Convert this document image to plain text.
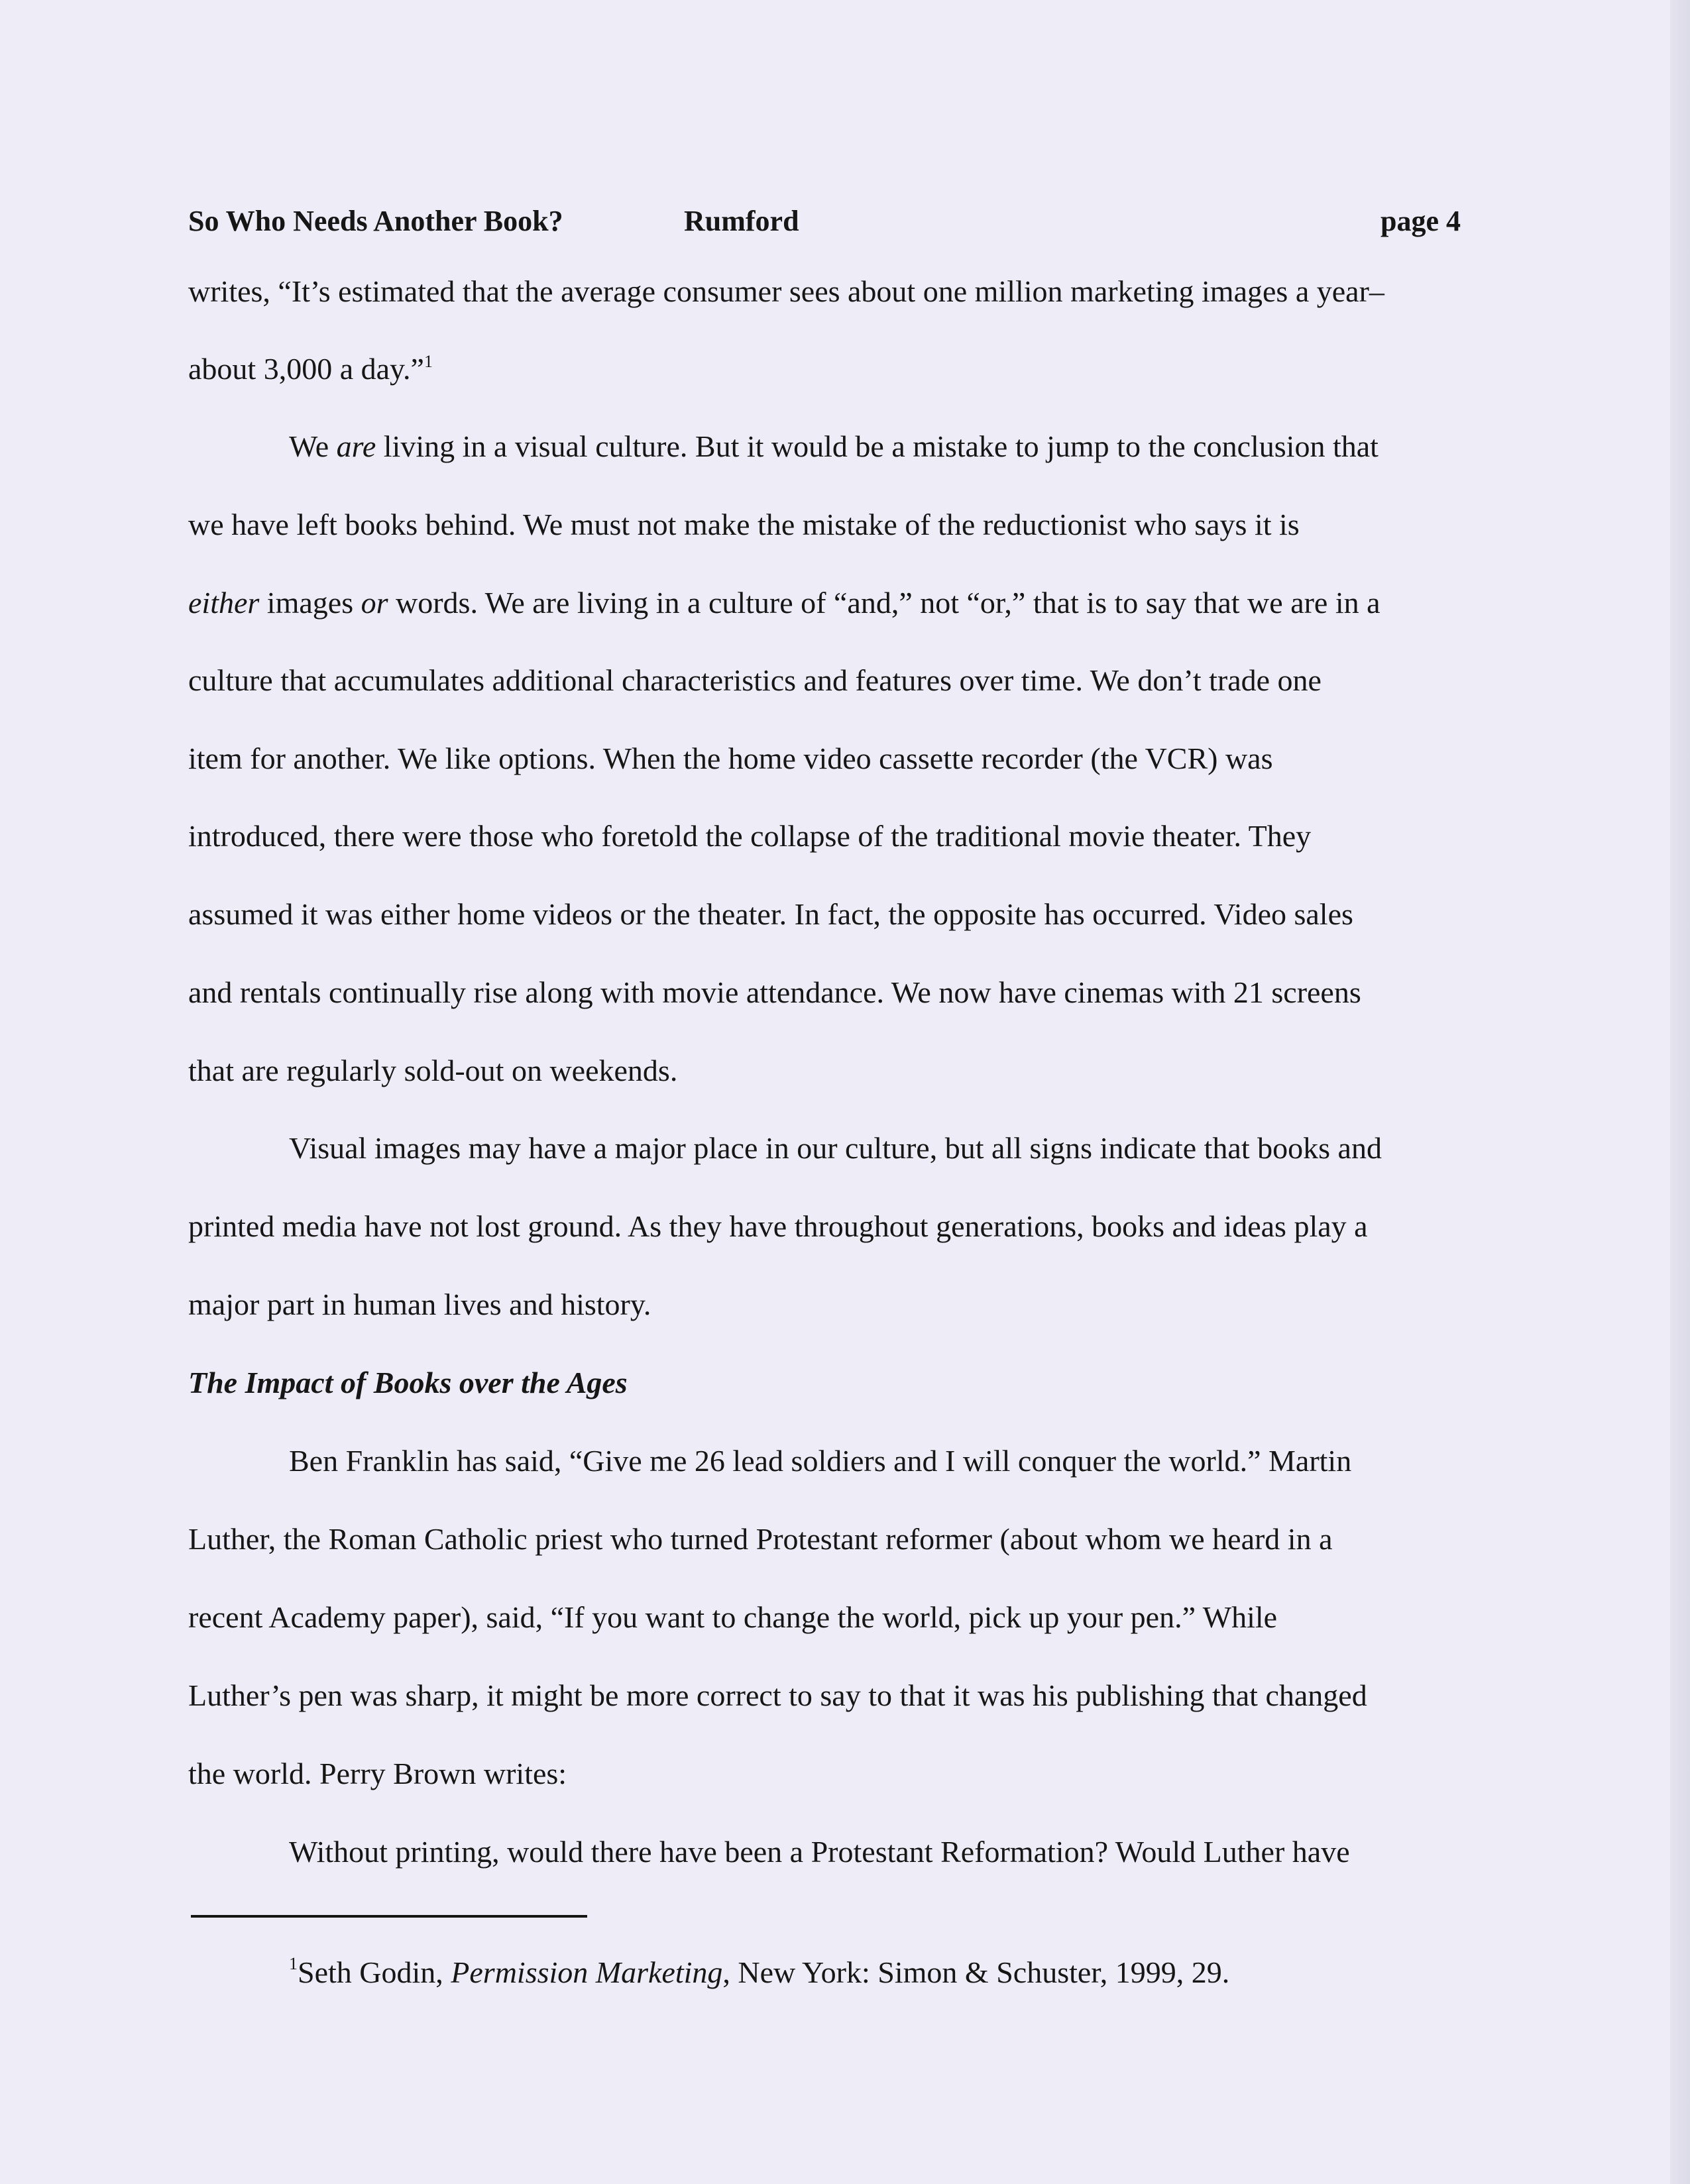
So Who Needs Another Book?	Rumford	page 4
writes, “It’s estimated that the average consumer sees about one million marketing images a year–
about 3,000 a day.”$^1$
We are living in a visual culture. But it would be a mistake to jump to the conclusion that
we have left books behind. We must not make the mistake of the reductionist who says it is
either images or words. We are living in a culture of “and,” not “or,” that is to say that we are in a
culture that accumulates additional characteristics and features over time. We don’t trade one
item for another. We like options. When the home video cassette recorder (the VCR) was
introduced, there were those who foretold the collapse of the traditional movie theater. They
assumed it was either home videos or the theater. In fact, the opposite has occurred. Video sales
and rentals continually rise along with movie attendance. We now have cinemas with 21 screens
that are regularly sold-out on weekends.
Visual images may have a major place in our culture, but all signs indicate that books and
printed media have not lost ground. As they have throughout generations, books and ideas play a
major part in human lives and history.
The Impact of Books over the Ages
Ben Franklin has said, “Give me 26 lead soldiers and I will conquer the world.” Martin
Luther, the Roman Catholic priest who turned Protestant reformer (about whom we heard in a
recent Academy paper), said, “If you want to change the world, pick up your pen.” While
Luther’s pen was sharp, it might be more correct to say to that it was his publishing that changed
the world. Perry Brown writes:
Without printing, would there have been a Protestant Reformation? Would Luther have
$^1$Seth Godin, Permission Marketing, New York: Simon & Schuster, 1999, 29.
